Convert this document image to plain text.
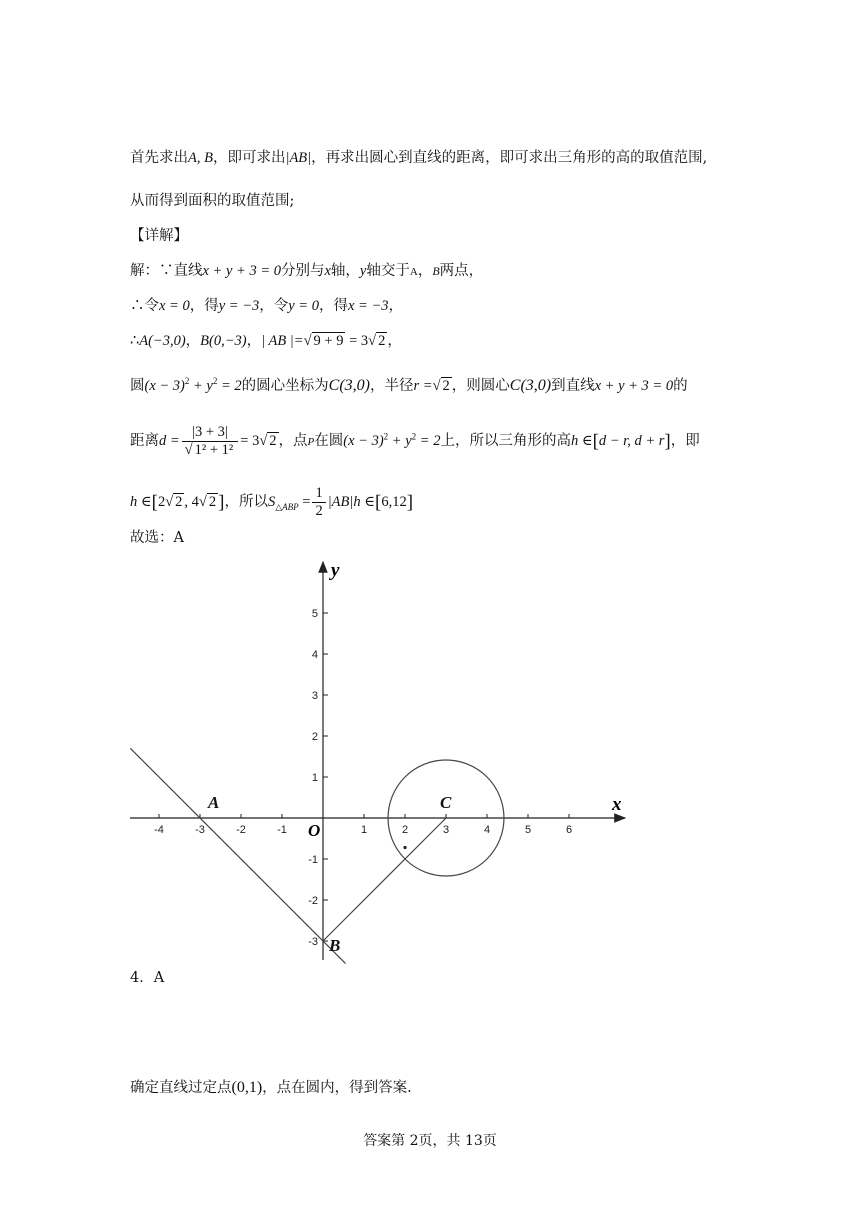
首先求出A, B，即可求出|AB|，再求出圆心到直线的距离，即可求出三角形的高的取值范围,
从而得到面积的取值范围;
【详解】
解：∵直线x + y + 3 = 0分别与x轴，y轴交于A，B两点，
∴令x = 0，得y = −3，令y = 0，得x = −3，
∴A(−3,0)，B(0,−3)，| AB |=√ 9 + 9 = 3√ 2 ，
圆$(x - 3)^2 + y^2 = 2$的圆心坐标为C(3,0)，半径r =√ 2 ，则圆心C(3,0)到直线x + y + 3 = 0的
距离$d = \frac{|3 + 3|}{\text{√ 1² + 1²}} = 3√$ 2 ，点P在圆$(x - 3)^2 + y^2 = 2$上，所以三角形的高h ∈[d − r, d + r]，即
h ∈[2√ 2 , 4√ 2 ]，所以$S_{\triangle ABP} = \frac{1}{2} |AB|h$ ∈[6,12]
故选：A
-4	-3	-2	-1	1	2	3	4	5	6
-3
-2
-1
1
2
3
4
5
x
y
O
A
B
C
4．A
确定直线过定点(0,1)，点在圆内，得到答案.
答案第 2页，共 13页
